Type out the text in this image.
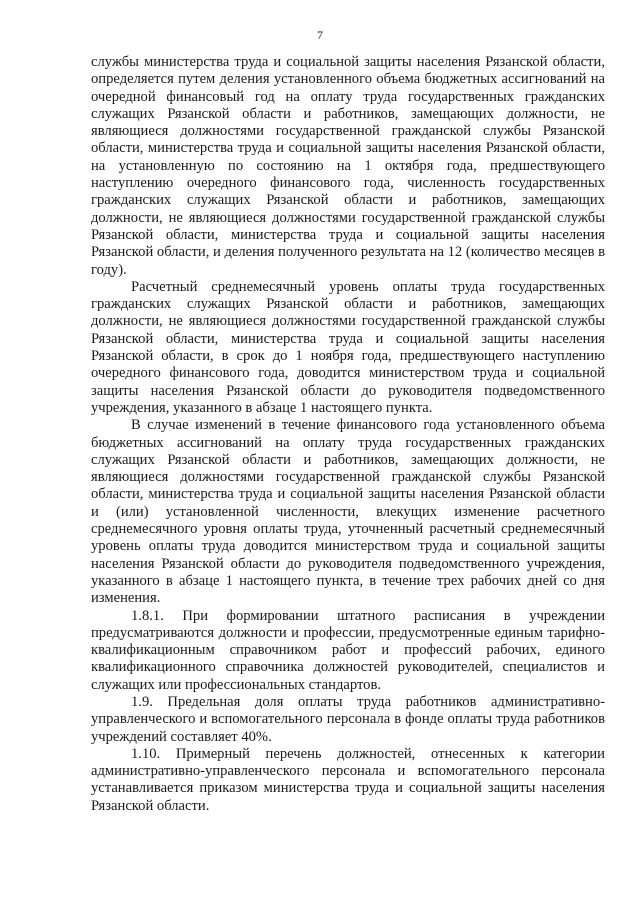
7

службы министерства труда и социальной защиты населения Рязанской области, определяется путем деления установленного объема бюджетных ассигнований на очередной финансовый год на оплату труда государственных гражданских служащих Рязанской области и работников, замещающих должности, не являющиеся должностями государственной гражданской службы Рязанской области, министерства труда и социальной защиты населения Рязанской области, на установленную по состоянию на 1 октября года, предшествующего наступлению очередного финансового года, численность государственных гражданских служащих Рязанской области и работников, замещающих должности, не являющиеся должностями государственной гражданской службы Рязанской области, министерства труда и социальной защиты населения Рязанской области, и деления полученного результата на 12 (количество месяцев в году).

Расчетный среднемесячный уровень оплаты труда государственных гражданских служащих Рязанской области и работников, замещающих должности, не являющиеся должностями государственной гражданской службы Рязанской области, министерства труда и социальной защиты населения Рязанской области, в срок до 1 ноября года, предшествующего наступлению очередного финансового года, доводится министерством труда и социальной защиты населения Рязанской области до руководителя подведомственного учреждения, указанного в абзаце 1 настоящего пункта.

В случае изменений в течение финансового года установленного объема бюджетных ассигнований на оплату труда государственных гражданских служащих Рязанской области и работников, замещающих должности, не являющиеся должностями государственной гражданской службы Рязанской области, министерства труда и социальной защиты населения Рязанской области и (или) установленной численности, влекущих изменение расчетного среднемесячного уровня оплаты труда, уточненный расчетный среднемесячный уровень оплаты труда доводится министерством труда и социальной защиты населения Рязанской области до руководителя подведомственного учреждения, указанного в абзаце 1 настоящего пункта, в течение трех рабочих дней со дня изменения.

1.8.1. При формировании штатного расписания в учреждении предусматриваются должности и профессии, предусмотренные единым тарифно-квалификационным справочником работ и профессий рабочих, единого квалификационного справочника должностей руководителей, специалистов и служащих или профессиональных стандартов.

1.9. Предельная доля оплаты труда работников административно-управленческого и вспомогательного персонала в фонде оплаты труда работников учреждений составляет 40%.

1.10. Примерный перечень должностей, отнесенных к категории административно-управленческого персонала и вспомогательного персонала устанавливается приказом министерства труда и социальной защиты населения Рязанской области.
